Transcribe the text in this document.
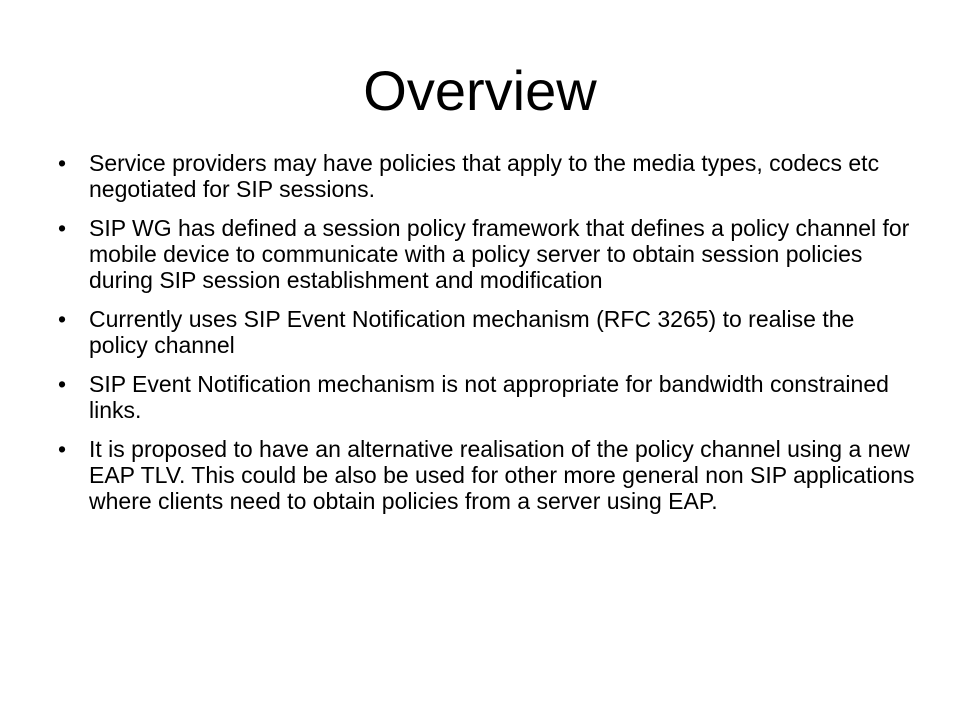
Overview
• Service providers may have policies that apply to the media types, codecs etc negotiated for SIP sessions.
• SIP WG has defined a session policy framework that defines a policy channel for mobile device to communicate with a policy server to obtain session policies during SIP session establishment and modification
• Currently uses SIP Event Notification mechanism (RFC 3265) to realise the policy channel
• SIP Event Notification mechanism is not appropriate for bandwidth constrained links.
• It is proposed to have an alternative realisation of the policy channel using a new EAP TLV. This could be also be used for other more general non SIP applications where clients need to obtain policies from a server using EAP.
